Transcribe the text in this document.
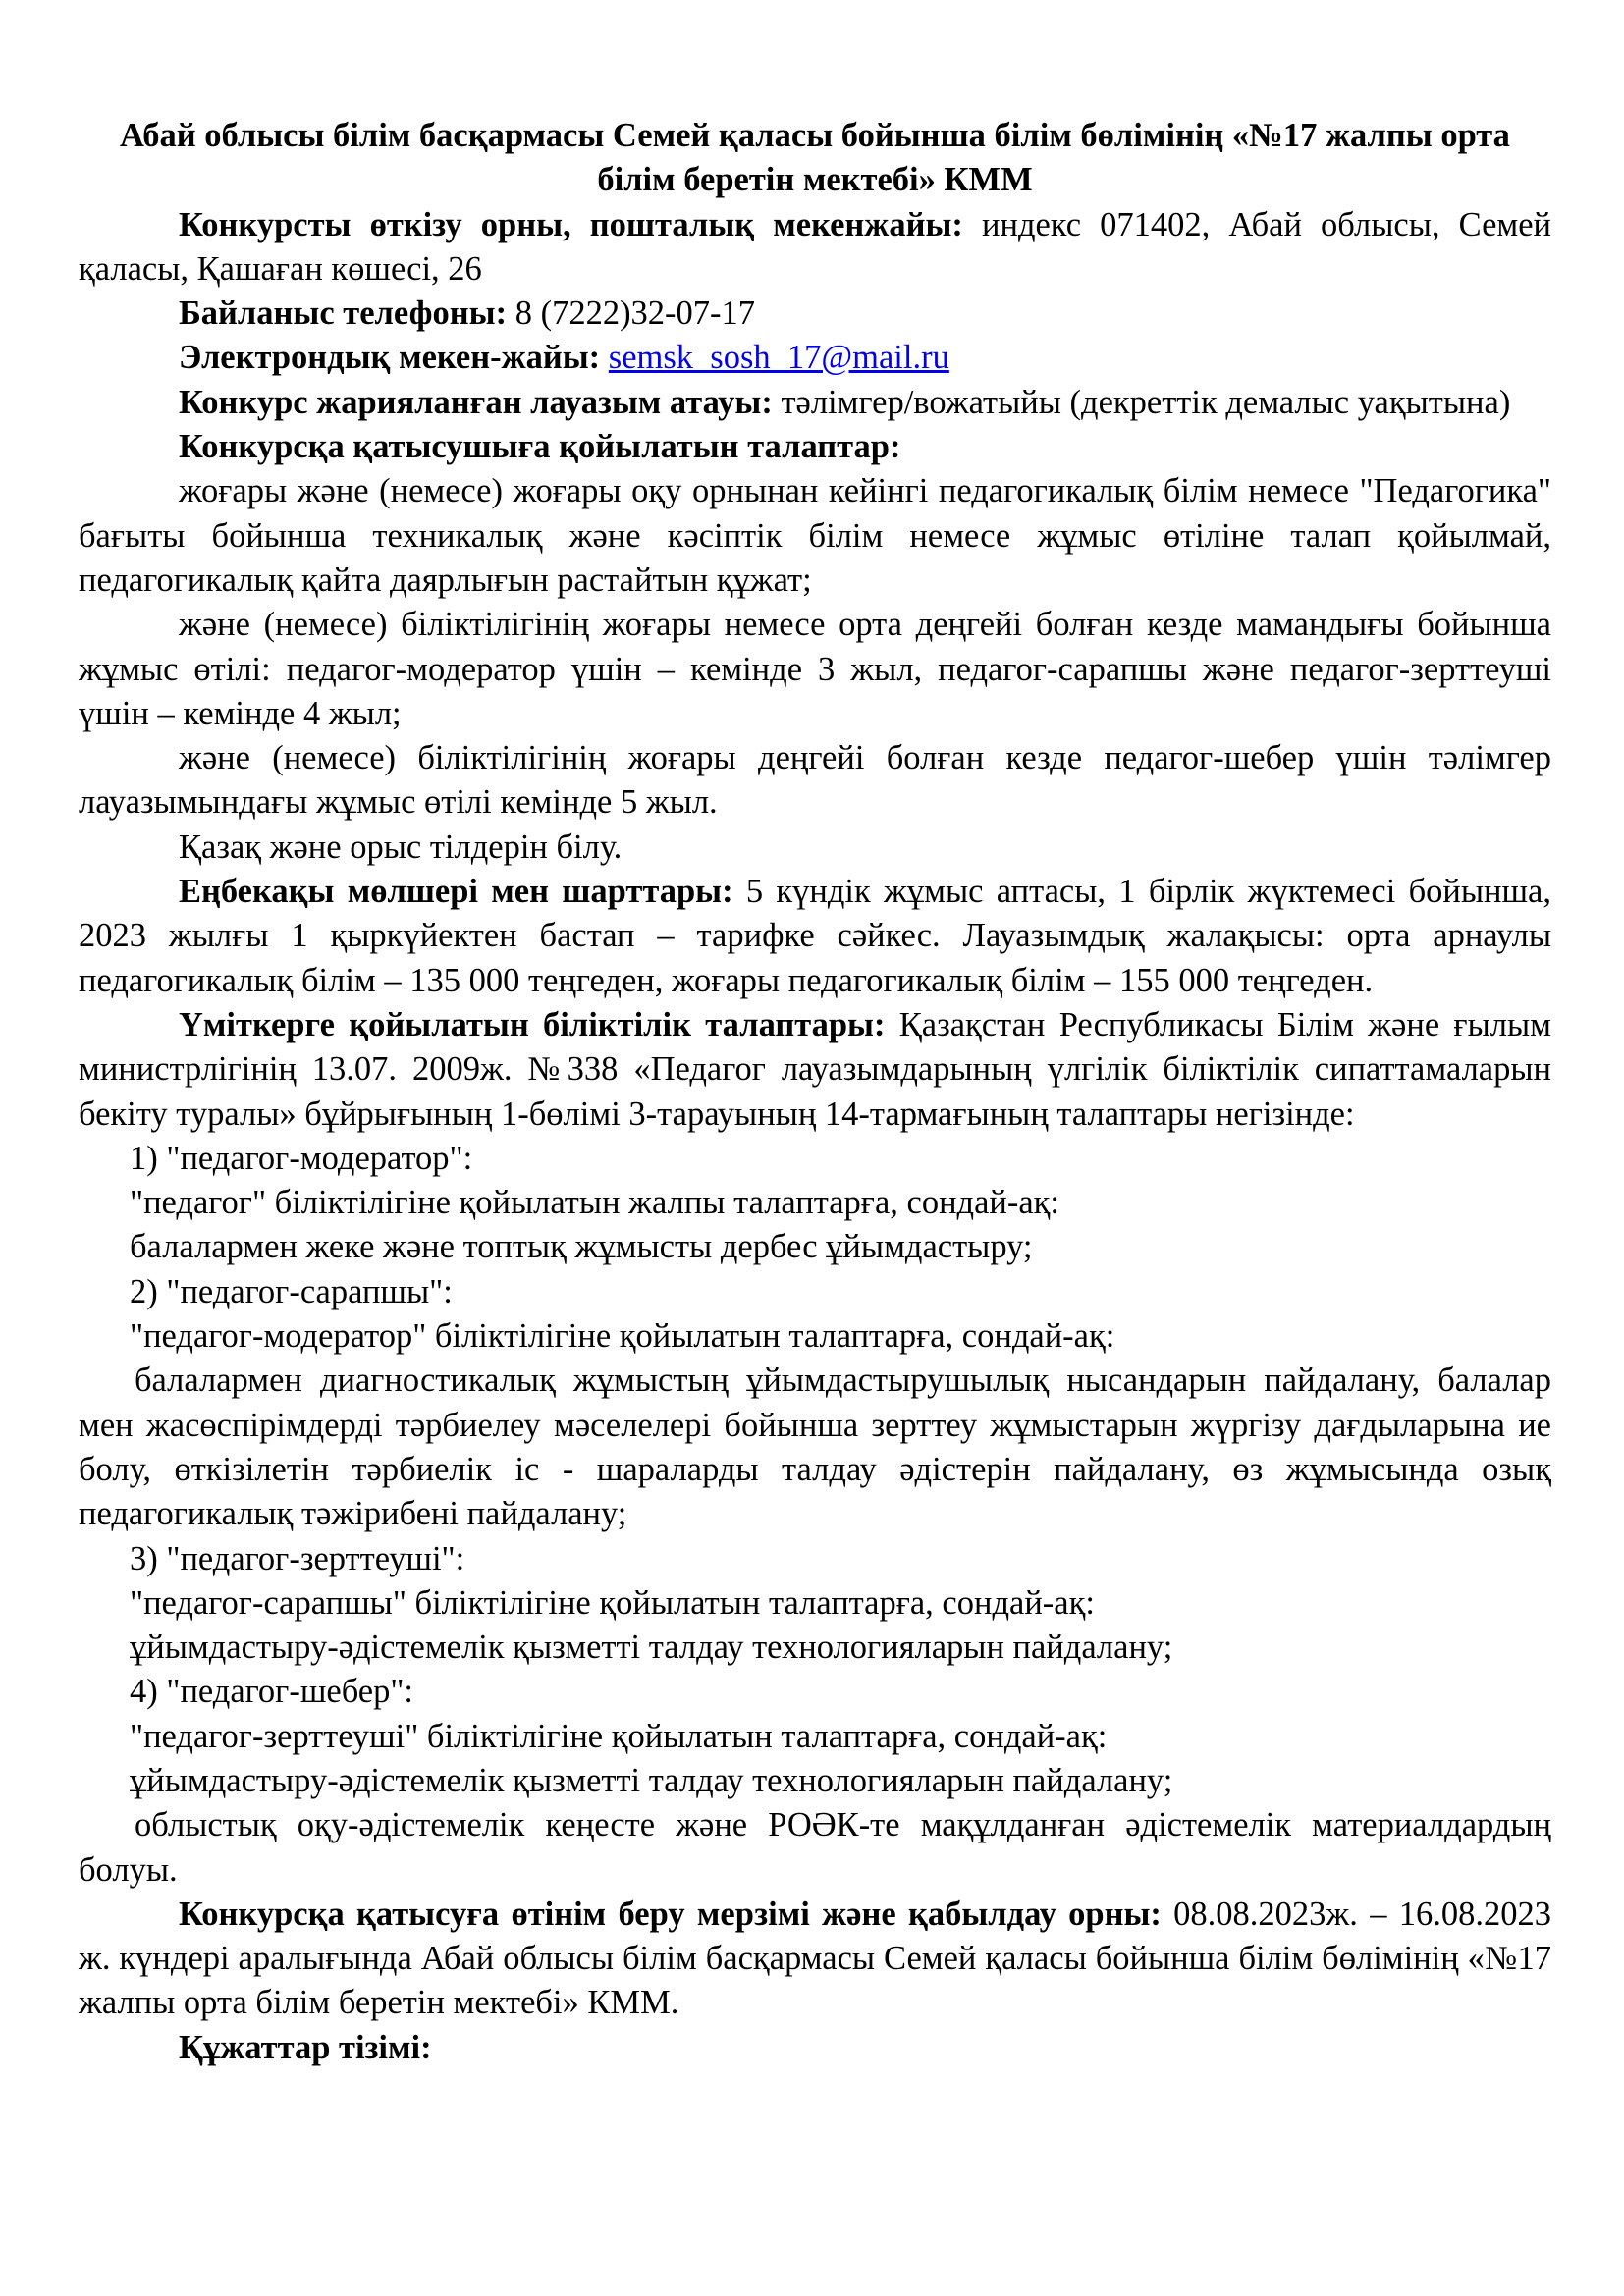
Абай облысы білім басқармасы Семей қаласы бойынша білім бөлімінің «№17 жалпы орта білім беретін мектебі» КММ

Конкурсты өткізу орны, пошталық мекенжайы: индекс 071402, Абай облысы, Семей қаласы, Қашаған көшесі, 26

Байланыс телефоны: 8 (7222)32-07-17

Электрондық мекен-жайы: semsk_sosh_17@mail.ru

Конкурс жарияланған лауазым атауы: тәлімгер/вожатыйы (декреттік демалыс уақытына)

Конкурсқа қатысушыға қойылатын талаптар:

жоғары және (немесе) жоғары оқу орнынан кейінгі педагогикалық білім немесе "Педагогика" бағыты бойынша техникалық және кәсіптік білім немесе жұмыс өтіліне талап қойылмай, педагогикалық қайта даярлығын растайтын құжат;

және (немесе) біліктілігінің жоғары немесе орта деңгейі болған кезде мамандығы бойынша жұмыс өтілі: педагог-модератор үшін – кемінде 3 жыл, педагог-сарапшы және педагог-зерттеуші үшін – кемінде 4 жыл;

және (немесе) біліктілігінің жоғары деңгейі болған кезде педагог-шебер үшін тәлімгер лауазымындағы жұмыс өтілі кемінде 5 жыл.

Қазақ және орыс тілдерін білу.

Еңбекақы мөлшері мен шарттары: 5 күндік жұмыс аптасы, 1 бірлік жүктемесі бойынша, 2023 жылғы 1 қыркүйектен бастап – тарифке сәйкес. Лауазымдық жалақысы: орта арнаулы педагогикалық білім – 135 000 теңгеден, жоғары педагогикалық білім – 155 000 теңгеден.

Үміткерге қойылатын біліктілік талаптары: Қазақстан Республикасы Білім және ғылым министрлігінің 13.07. 2009ж. №338 «Педагог лауазымдарының үлгілік біліктілік сипаттамаларын бекіту туралы» бұйрығының 1-бөлімі 3-тарауының 14-тармағының талаптары негізінде:

1) "педагог-модератор":

"педагог" біліктілігіне қойылатын жалпы талаптарға, сондай-ақ:

балалармен жеке және топтық жұмысты дербес ұйымдастыру;

2) "педагог-сарапшы":

"педагог-модератор" біліктілігіне қойылатын талаптарға, сондай-ақ:

балалармен диагностикалық жұмыстың ұйымдастырушылық нысандарын пайдалану, балалар мен жасөспірімдерді тәрбиелеу мәселелері бойынша зерттеу жұмыстарын жүргізу дағдыларына ие болу, өткізілетін тәрбиелік іс - шараларды талдау әдістерін пайдалану, өз жұмысында озық педагогикалық тәжірибені пайдалану;

3) "педагог-зерттеуші":

"педагог-сарапшы" біліктілігіне қойылатын талаптарға, сондай-ақ:

ұйымдастыру-әдістемелік қызметті талдау технологияларын пайдалану;

4) "педагог-шебер":

"педагог-зерттеуші" біліктілігіне қойылатын талаптарға, сондай-ақ:

ұйымдастыру-әдістемелік қызметті талдау технологияларын пайдалану;

облыстық оқу-әдістемелік кеңесте және РОӘК-те мақұлданған әдістемелік материалдардың болуы.

Конкурсқа қатысуға өтінім беру мерзімі және қабылдау орны: 08.08.2023ж. – 16.08.2023 ж. күндері аралығында Абай облысы білім басқармасы Семей қаласы бойынша білім бөлімінің «№17 жалпы орта білім беретін мектебі» КММ.

Құжаттар тізімі:
